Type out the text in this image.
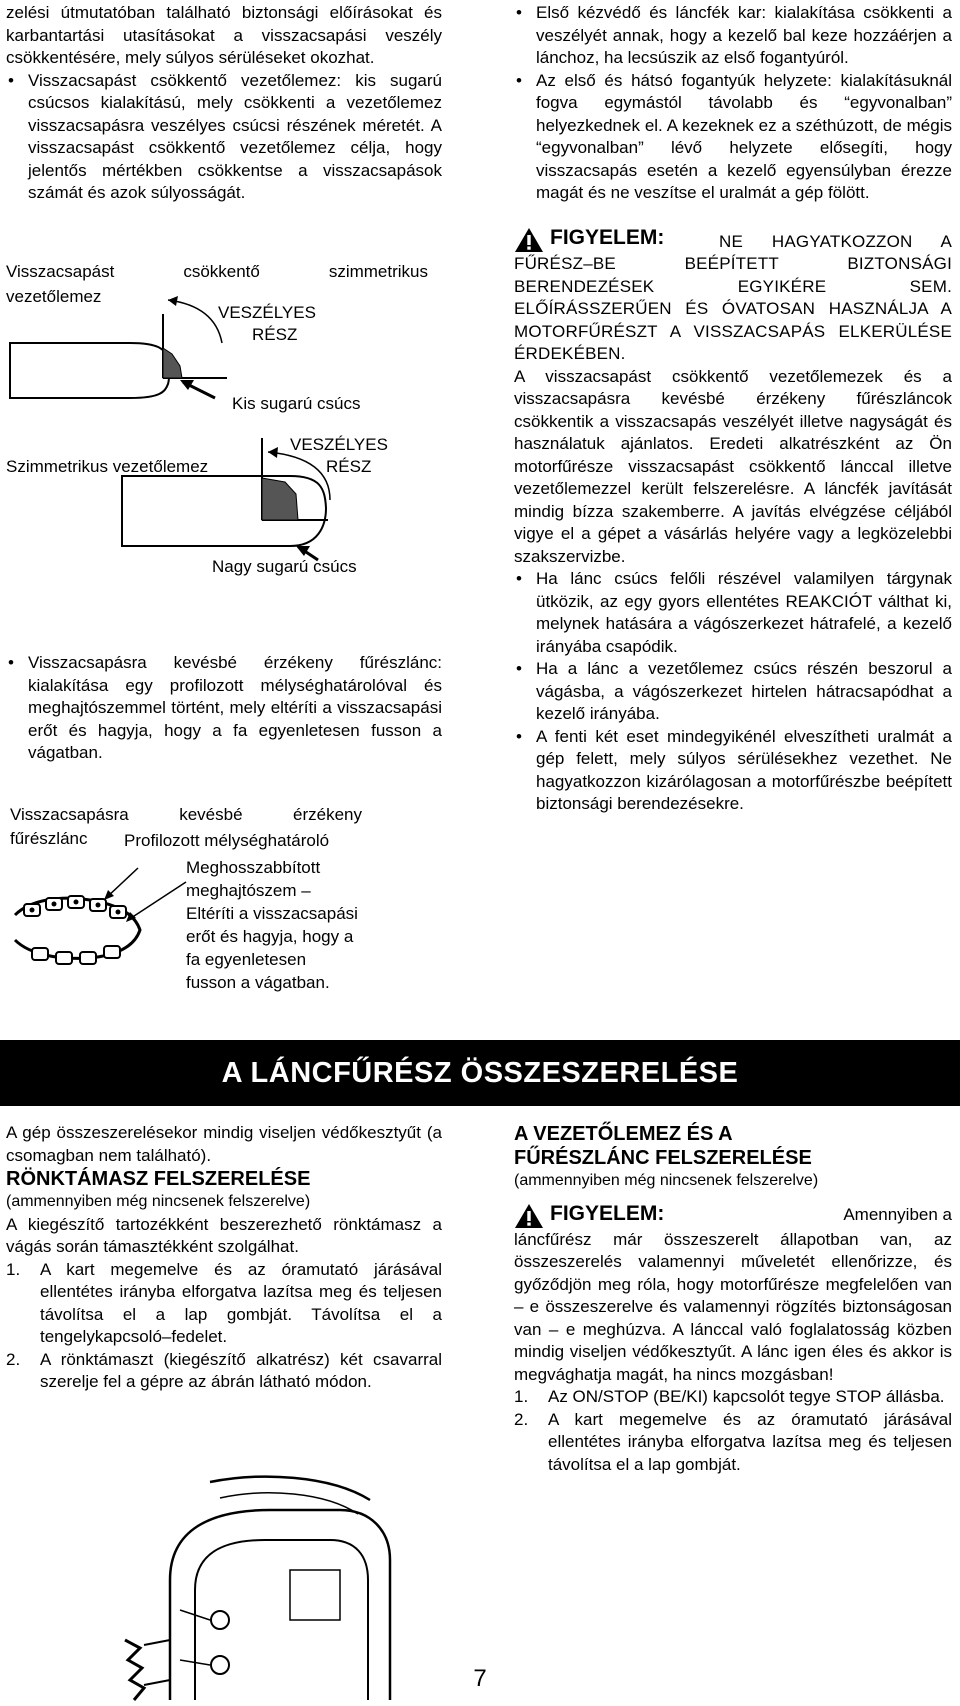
zelési útmutatóban található biztonsági előírásokat és karbantartási utasításokat a visszacsapási veszély csökkentésére, mely súlyos sérüléseket okozhat.

• Visszacsapást csökkentő vezetőlemez: kis sugarú csúcsos kialakítású, mely csökkenti a vezetőlemez visszacsapásra veszélyes csúcsi részének méretét. A visszacsapást csökkentő vezetőlemez célja, hogy jelentős mértékben csökkentse a visszacsapások számát és azok súlyosságát.

Visszacsapást csökkentő szimmetrikus
vezetőlemez
VESZÉLYES
RÉSZ
Kis sugarú csúcs
VESZÉLYES
RÉSZ
Szimmetrikus vezetőlemez
Nagy sugarú csúcs

• Visszacsapásra kevésbé érzékeny fűrészlánc: kialakítása egy profilozott mélységhatárolóval és meghajtószemmel történt, mely eltéríti a visszacsapási erőt és hagyja, hogy a fa egyenletesen fusson a vágatban.

Visszacsapásra kevésbé érzékeny
fűrészlánc Profilozott mélységhatároló
Meghosszabbított
meghajtószem –
Eltéríti a visszacsapási
erőt és hagyja, hogy a
fa egyenletesen
fusson a vágatban.

• Első kézvédő és láncfék kar: kialakítása csökkenti a veszélyét annak, hogy a kezelő bal keze hozzáérjen a lánchoz, ha lecsúszik az első fogantyúról.

• Az első és hátsó fogantyúk helyzete: kialakításuknál fogva egymástól távolabb és “egyvonalban” helyezkednek el. A kezeknek ez a széthúzott, de mégis “egyvonalban” lévő helyzete elősegíti, hogy visszacsapás esetén a kezelő egyensúlyban érezze magát és ne veszítse el uralmát a gép fölött.

FIGYELEM:	NE HAGYATKOZZON A FŰRÉSZ–BE BEÉPÍTETT BIZTONSÁGI BERENDEZÉSEK EGYIKÉRE SEM. ELŐÍRÁSSZERŰEN ÉS ÓVATOSAN HASZNÁLJA A MOTORFŰRÉSZT A VISSZACSAPÁS ELKERÜLÉSE ÉRDEKÉBEN.

A visszacsapást csökkentő vezetőlemezek és a visszacsapásra kevésbé érzékeny fűrészláncok csökkentik a visszacsapás veszélyét illetve nagyságát és használatuk ajánlatos. Eredeti alkatrészként az Ön motorfűrésze visszacsapást csökkentő lánccal illetve vezetőlemezzel került felszerelésre. A láncfék javítását mindig bízza szakemberre. A javítás elvégzése céljából vigye el a gépet a vásárlás helyére vagy a legközelebbi szakszervizbe.

• Ha lánc csúcs felőli részével valamilyen tárgynak ütközik, az egy gyors ellentétes REAKCIÓT válthat ki, melynek hatására a vágószerkezet hátrafelé, a kezelő irányába csapódik.

• Ha a lánc a vezetőlemez csúcs részén beszorul a vágásba, a vágószerkezet hirtelen hátracsapódhat a kezelő irányába.

• A fenti két eset mindegyikénél elveszítheti uralmát a gép felett, mely súlyos sérülésekhez vezethet. Ne hagyatkozzon kizárólagosan a motorfűrészbe beépített biztonsági berendezésekre.

A LÁNCFŰRÉSZ ÖSSZESZERELÉSE

A gép összeszerelésekor mindig viseljen védőkesztyűt (a csomagban nem található).

RÖNKTÁMASZ FELSZERELÉSE

(ammennyiben még nincsenek felszerelve)

A kiegészítő tartozékként beszerezhető rönktámasz a vágás során támasztékként szolgálhat.

1. A kart megemelve és az óramutató járásával ellentétes irányba elforgatva lazítsa meg és teljesen távolítsa el a lap gombját. Távolítsa el a tengelykapcsoló–fedelet.

2. A rönktámaszt (kiegészítő alkatrész) két csavarral szerelje fel a gépre az ábrán látható módon.

A VEZETŐLEMEZ ÉS A

FŰRÉSZLÁNC FELSZERELÉSE

(ammennyiben még nincsenek felszerelve)

FIGYELEM:	Amennyiben a

láncfűrész már összeszerelt állapotban van, az összeszerelés valamennyi műveletét ellenőrizze, és győződjön meg róla, hogy motorfűrésze megfelelően van – e összeszerelve és valamennyi rögzítés biztonságosan van – e meghúzva. A lánccal való foglalatosság közben mindig viseljen védőkesztyűt. A lánc igen éles és akkor is megvághatja magát, ha nincs mozgásban!

1. Az ON/STOP (BE/KI) kapcsolót tegye STOP állásba.

2. A kart megemelve és az óramutató járásával ellentétes irányba elforgatva lazítsa meg és teljesen távolítsa el a lap gombját.

7
